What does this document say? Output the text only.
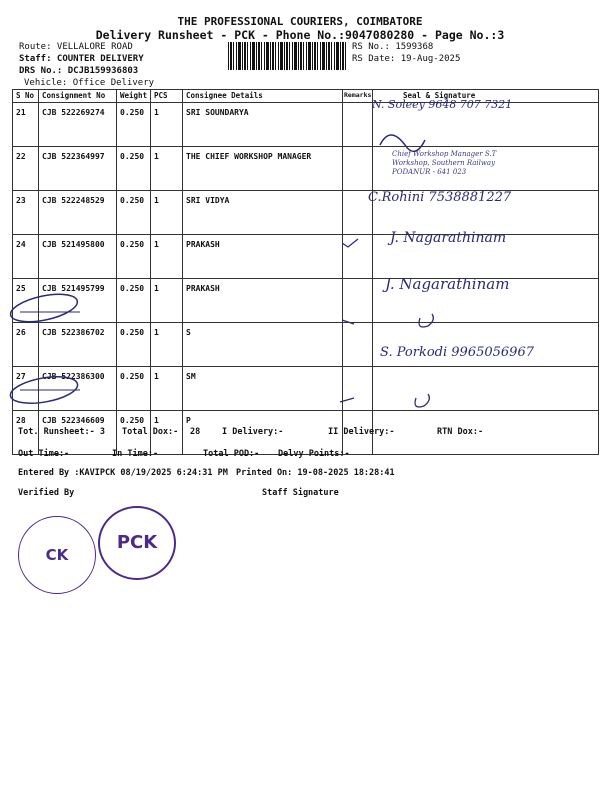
THE PROFESSIONAL COURIERS, COIMBATORE
Delivery Runsheet - PCK - Phone No.:9047080280 - Page No.:3
Route: VELLALORE ROAD
Staff: COUNTER DELIVERY
DRS No.: DCJB159936803
Vehicle: Office Delivery
RS No.: 1599368
RS Date: 19-Aug-2025
S No	Consignment No	Weight	PCS	Consignee Details	Remarks	Seal & Signature
21	CJB 522269274	0.250	1	SRI SOUNDARYA		
22	CJB 522364997	0.250	1	THE CHIEF WORKSHOP MANAGER		
23	CJB 522248529	0.250	1	SRI VIDYA		
24	CJB 521495800	0.250	1	PRAKASH		
25	CJB 521495799	0.250	1	PRAKASH		
26	CJB 522386702	0.250	1	S		
27	CJB 522386300	0.250	1	SM		
28	CJB 522346609	0.250	1	P		
N. Soleey 9648 707 7321
Chief Workshop Manager S.T Workshop, Southern Railway PODANUR - 641 023
C.Rohini 7538881227
J. Nagarathinam
J. Nagarathinam
S. Porkodi 9965056967
Tot. Runsheet:- 3 Total Dox:- 28	I Delivery:-	II Delivery:-	RTN Dox:-
Out Time:-	In Time:-	Total POD:- Delvy Points:-
Entered By :KAVIPCK 08/19/2025 6:24:31 PM Printed On: 19-08-2025 18:28:41
Verified By	Staff Signature
CK
PCK
